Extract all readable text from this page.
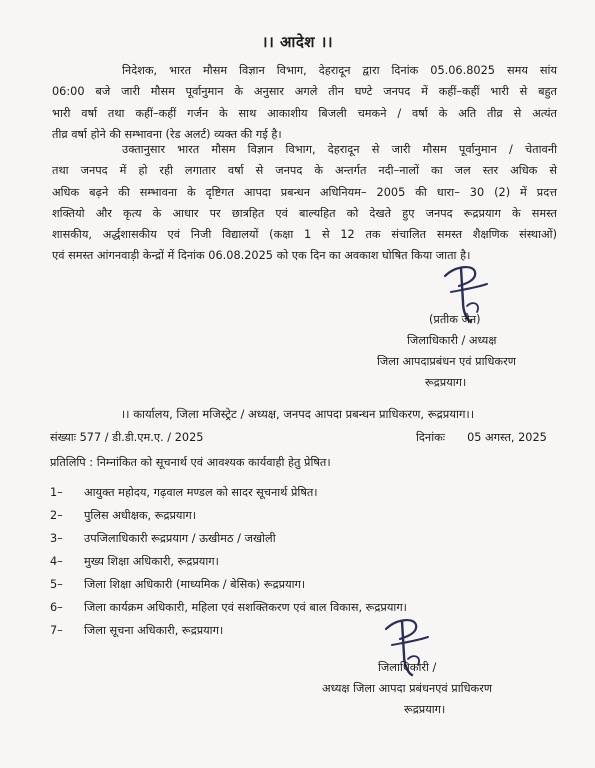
।। आदेश ।।
निदेशक, भारत मौसम विज्ञान विभाग, देहरादून द्वारा दिनांक 05.06.8025 समय सांय
06:00 बजे जारी मौसम पूर्वानुमान के अनुसार अगले तीन घण्टे जनपद में कहीं–कहीं भारी से बहुत
भारी वर्षा तथा कहीं–कहीं गर्जन के साथ आकाशीय बिजली चमकने / वर्षा के अति तीव्र से अत्यंत
तीव्र वर्षा होने की सम्भावना (रेड अलर्ट) व्यक्त की गई है।
उक्तानुसार भारत मौसम विज्ञान विभाग, देहरादून से जारी मौसम पूर्वानुमान / चेतावनी
तथा जनपद में हो रही लगातार वर्षा से जनपद के अन्तर्गत नदी–नालों का जल स्तर अधिक से
अधिक बढ़ने की सम्भावना के दृष्टिगत आपदा प्रबन्धन अधिनियम– 2005 की धारा– 30 (2) में प्रदत्त
शक्तियो और कृत्य के आधार पर छात्रहित एवं बाल्यहित को देखते हुए जनपद रूद्रप्रयाग के समस्त
शासकीय, अर्द्धशासकीय एवं निजी विद्यालयों (कक्षा 1 से 12 तक संचालित समस्त शैक्षणिक संस्थाओं)
एवं समस्त आंगनवाड़ी केन्द्रों में दिनांक 06.08.2025 को एक दिन का अवकाश घोषित किया जाता है।
(प्रतीक जैन)
जिलाधिकारी / अध्यक्ष
जिला आपदाप्रबंधन एवं प्राधिकरण
रूद्रप्रयाग।
।। कार्यालय, जिला मजिस्ट्रेट / अध्यक्ष, जनपद आपदा प्रबन्धन प्राधिकरण, रूद्रप्रयाग।।
संख्याः 577 / डी.डी.एम.ए. / 2025	दिनांकः 05 अगस्त, 2025
प्रतिलिपि : निम्नांकित को सूचनार्थ एवं आवश्यक कार्यवाही हेतु प्रेषित।
1–	आयुक्त महोदय, गढ़वाल मण्डल को सादर सूचनार्थ प्रेषित।
2–	पुलिस अधीक्षक, रूद्रप्रयाग।
3–	उपजिलाधिकारी रूद्रप्रयाग / ऊखीमठ / जखोली
4–	मुख्य शिक्षा अधिकारी, रूद्रप्रयाग।
5–	जिला शिक्षा अधिकारी (माध्यमिक / बेसिक) रूद्रप्रयाग।
6–	जिला कार्यक्रम अधिकारी, महिला एवं सशक्तिकरण एवं बाल विकास, रूद्रप्रयाग।
7–	जिला सूचना अधिकारी, रूद्रप्रयाग।
जिलाधिकारी /
अध्यक्ष जिला आपदा प्रबंधनएवं प्राधिकरण
रूद्रप्रयाग।
